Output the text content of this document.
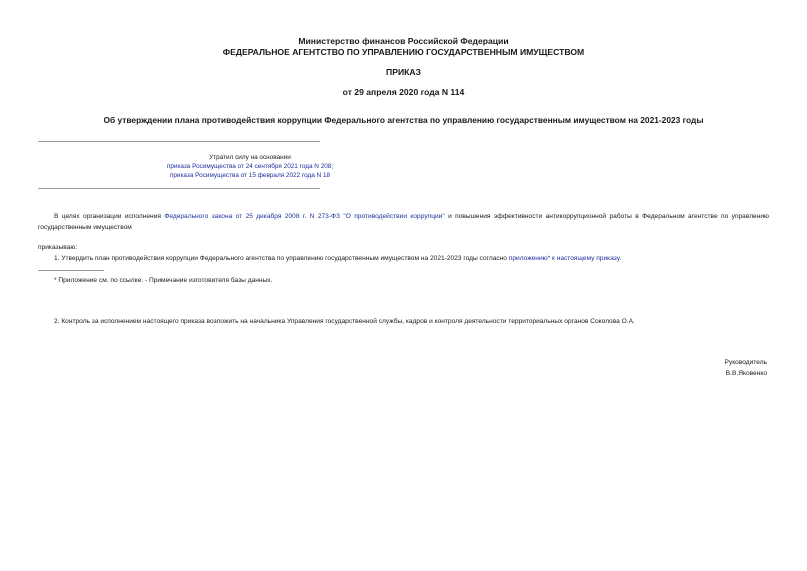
Министерство финансов Российской Федерации
ФЕДЕРАЛЬНОЕ АГЕНТСТВО ПО УПРАВЛЕНИЮ ГОСУДАРСТВЕННЫМ ИМУЩЕСТВОМ
ПРИКАЗ
от 29 апреля 2020 года N 114
Об утверждении плана противодействия коррупции Федерального агентства по управлению государственным имуществом на 2021-2023 годы
Утратил силу на основании
приказа Росимущества от 24 сентября 2021 года N 208;
приказа Росимущества от 15 февраля 2022 года N 18
В целях организации исполнения Федерального закона от 25 декабря 2008 г. N 273-ФЗ "О противодействии коррупции" и повышения эффективности антикоррупционной работы в Федеральном агентстве по управлению государственным имуществом
приказываю:
1. Утвердить план противодействия коррупции Федерального агентства по управлению государственным имуществом на 2021-2023 годы согласно приложению* к настоящему приказу.
* Приложение см. по ссылке. - Примечание изготовителя базы данных.
2. Контроль за исполнением настоящего приказа возложить на начальника Управления государственной службы, кадров и контроля деятельности территориальных органов Соколова О.А.
Руководитель
В.В.Яковенко
